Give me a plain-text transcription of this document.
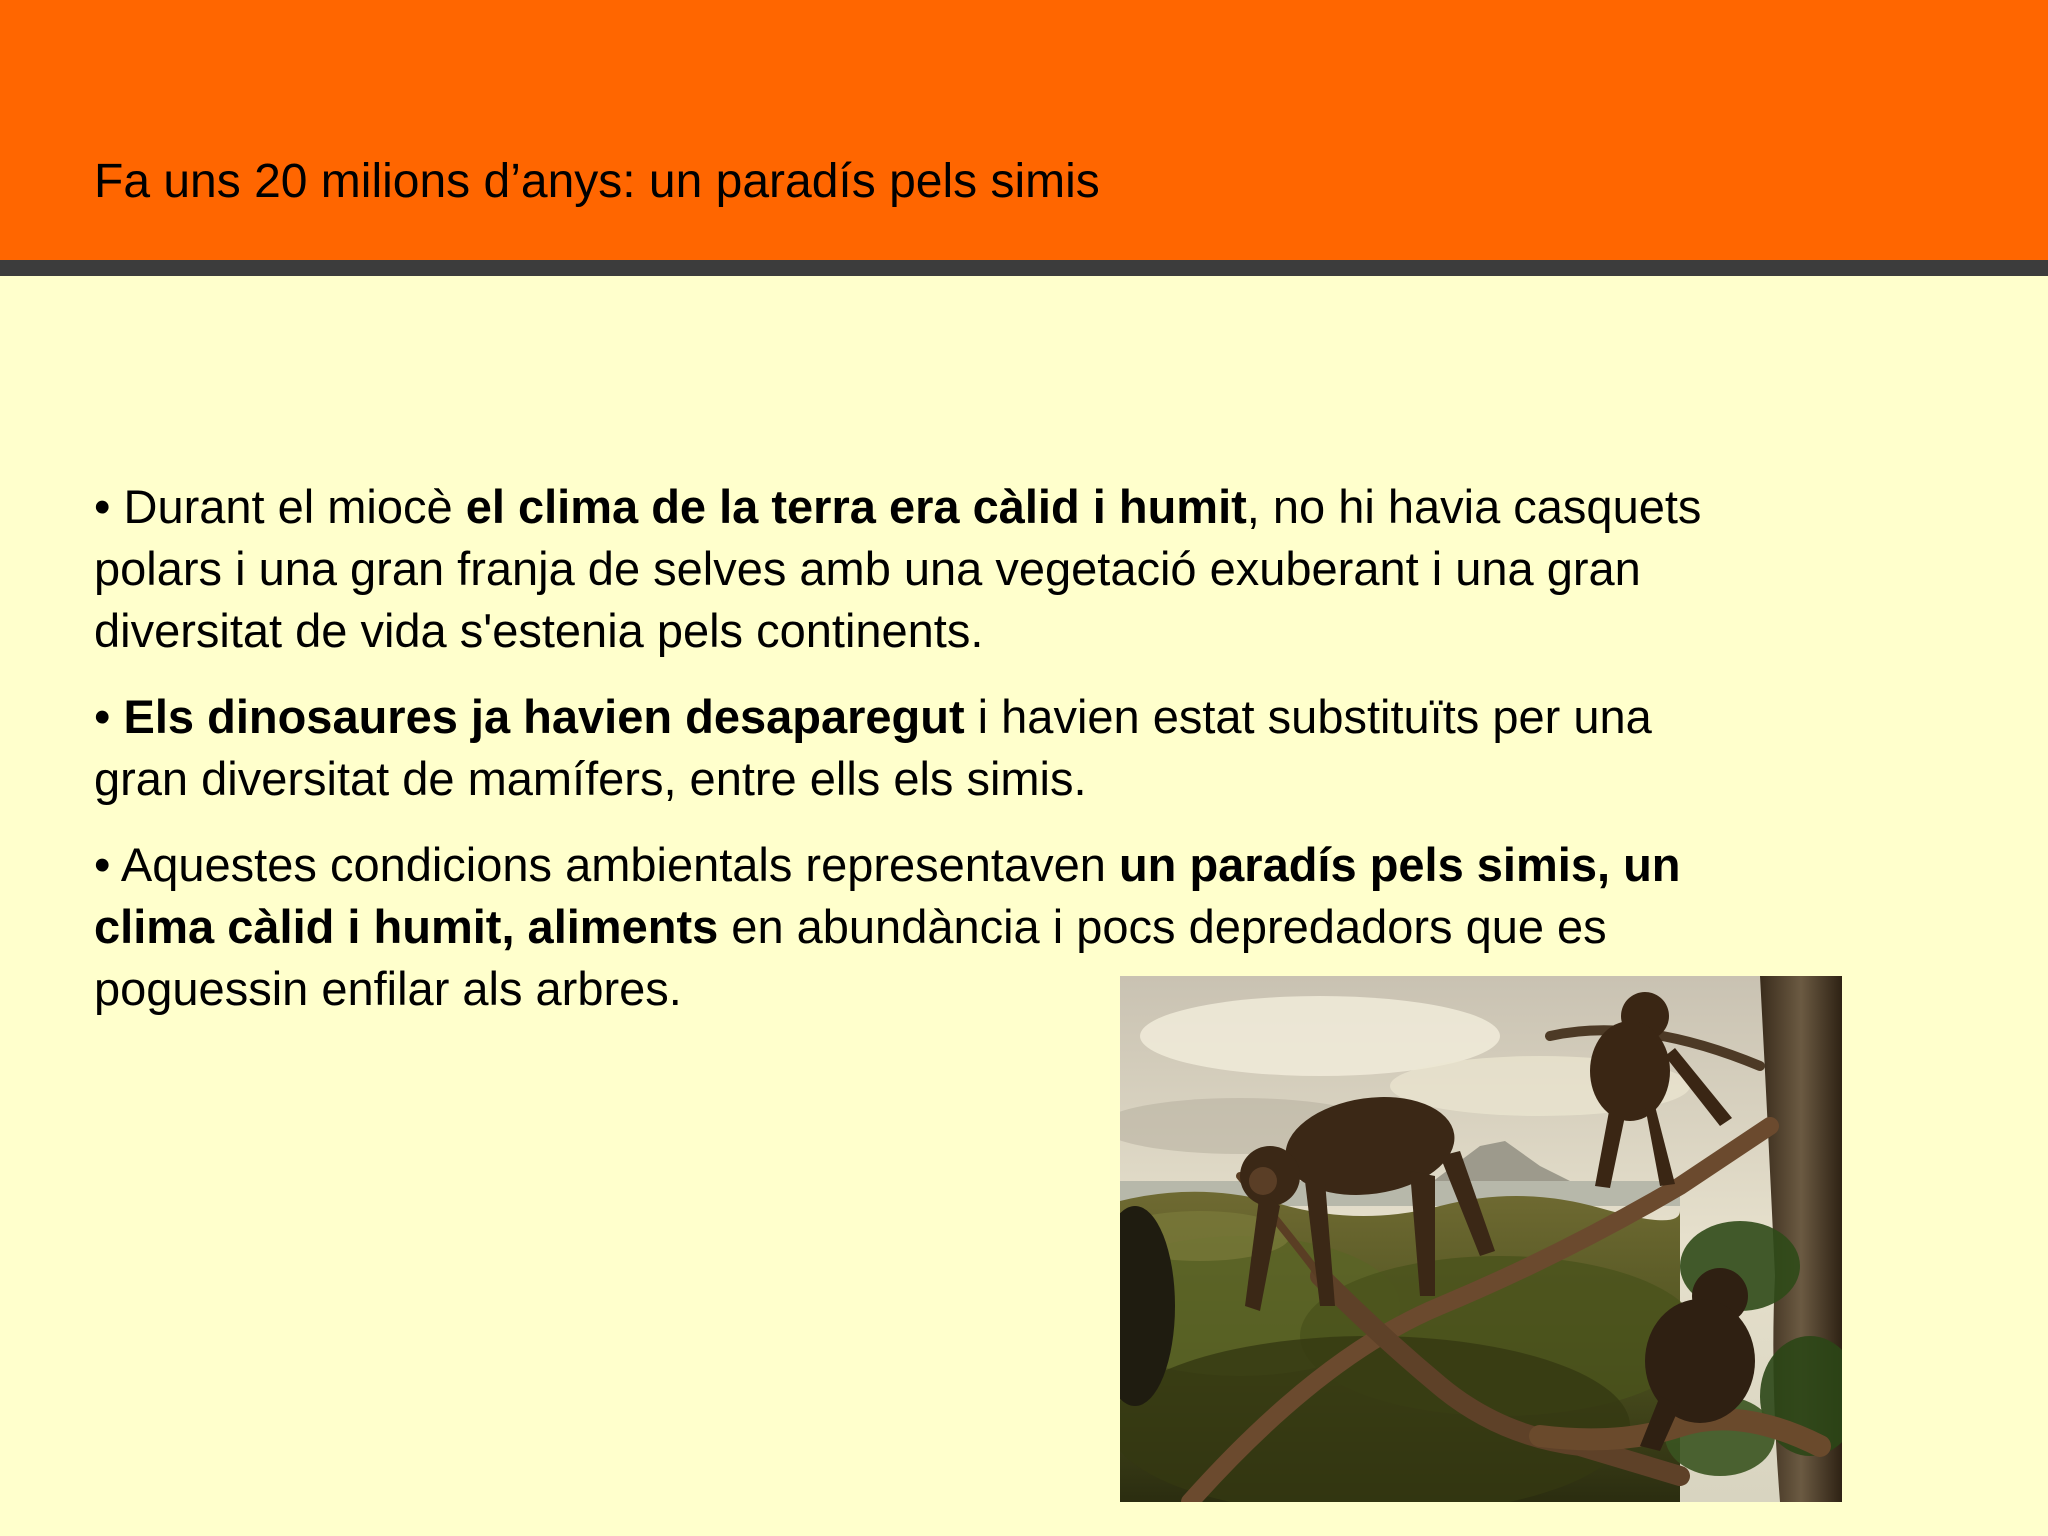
Fa uns 20 milions d’anys: un paradís pels simis
• Durant el miocè el clima de la terra era càlid i humit, no hi havia casquets
polars i una gran franja de selves amb una vegetació exuberant i una gran
diversitat de vida s'estenia pels continents.
• Els dinosaures ja havien desaparegut i havien estat substituïts per una
gran diversitat de mamífers, entre ells els simis.
• Aquestes condicions ambientals representaven un paradís pels simis, un
clima càlid i humit, aliments en abundància i pocs depredadors que es
poguessin enfilar als arbres.
